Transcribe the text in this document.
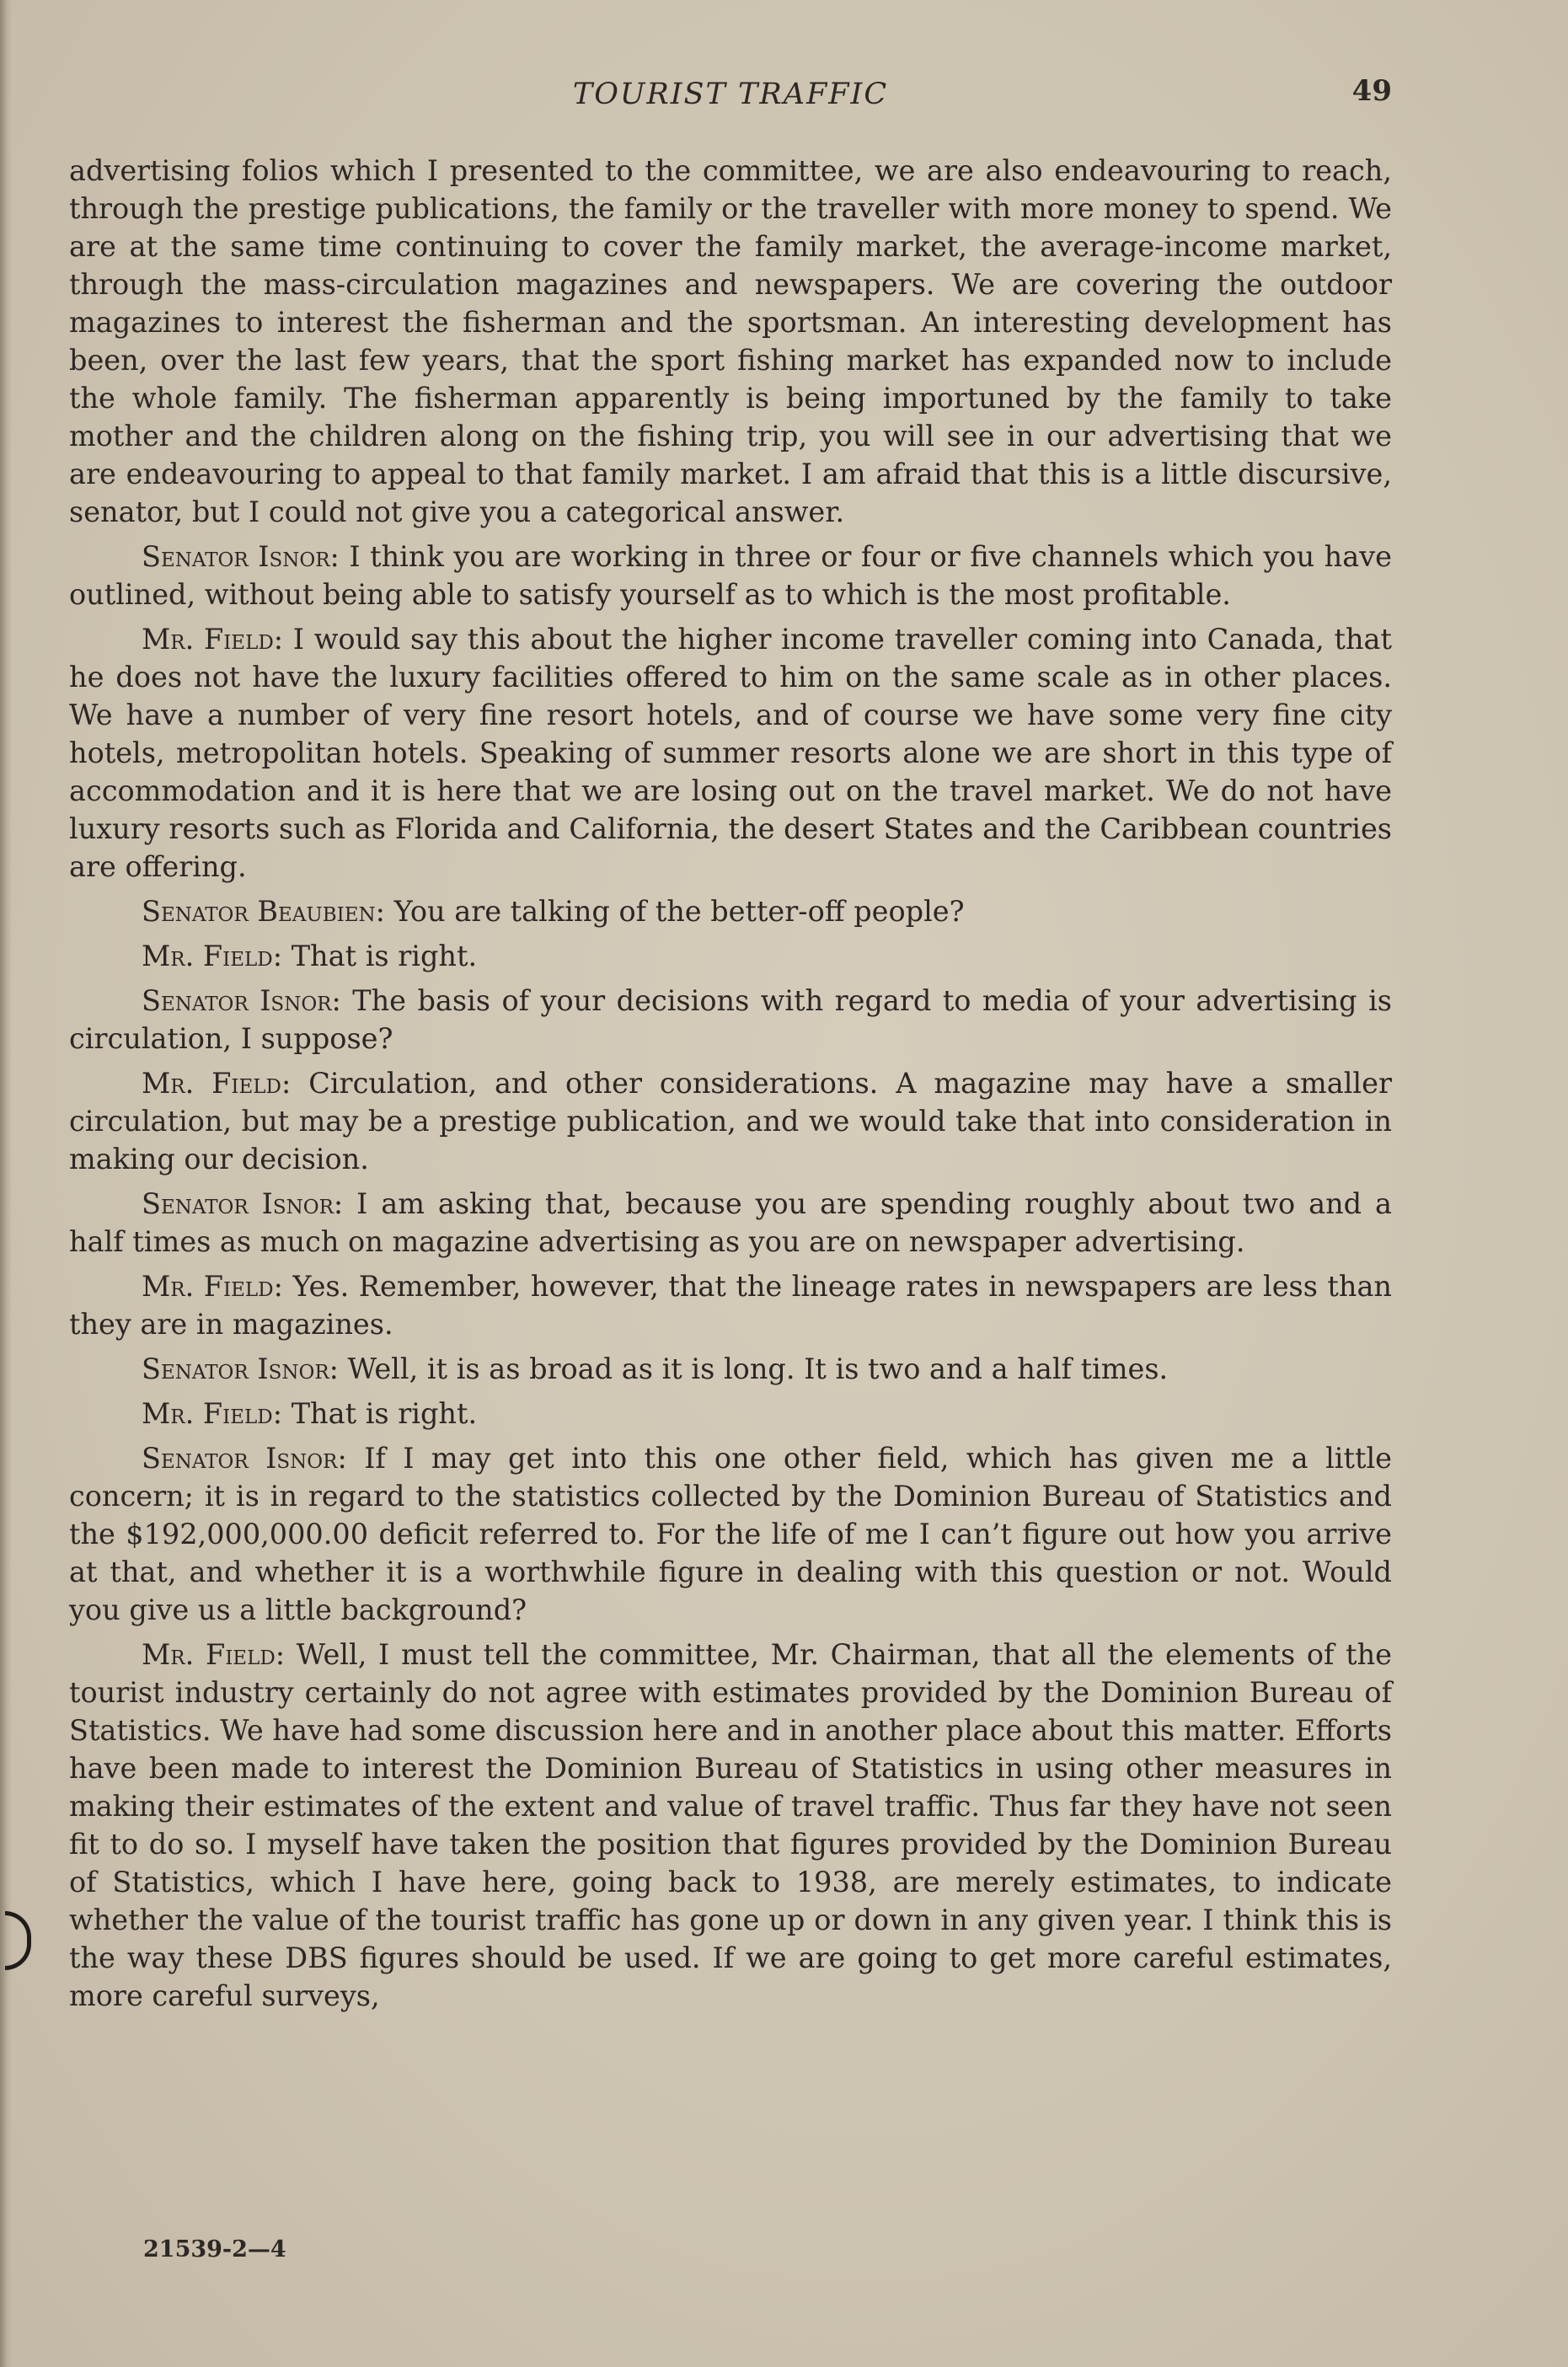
TOURIST TRAFFIC	49

advertising folios which I presented to the committee, we are also endeavouring to reach, through the prestige publications, the family or the traveller with more money to spend. We are at the same time continuing to cover the family market, the average-income market, through the mass-circulation magazines and newspapers. We are covering the outdoor magazines to interest the fisherman and the sportsman. An interesting development has been, over the last few years, that the sport fishing market has expanded now to include the whole family. The fisherman apparently is being importuned by the family to take mother and the children along on the fishing trip, you will see in our advertising that we are endeavouring to appeal to that family market. I am afraid that this is a little discursive, senator, but I could not give you a categorical answer.

Senator Isnor: I think you are working in three or four or five channels which you have outlined, without being able to satisfy yourself as to which is the most profitable.

Mr. Field: I would say this about the higher income traveller coming into Canada, that he does not have the luxury facilities offered to him on the same scale as in other places. We have a number of very fine resort hotels, and of course we have some very fine city hotels, metropolitan hotels. Speaking of summer resorts alone we are short in this type of accommodation and it is here that we are losing out on the travel market. We do not have luxury resorts such as Florida and California, the desert States and the Caribbean countries are offering.

Senator Beaubien: You are talking of the better-off people?

Mr. Field: That is right.

Senator Isnor: The basis of your decisions with regard to media of your advertising is circulation, I suppose?

Mr. Field: Circulation, and other considerations. A magazine may have a smaller circulation, but may be a prestige publication, and we would take that into consideration in making our decision.

Senator Isnor: I am asking that, because you are spending roughly about two and a half times as much on magazine advertising as you are on newspaper advertising.

Mr. Field: Yes. Remember, however, that the lineage rates in newspapers are less than they are in magazines.

Senator Isnor: Well, it is as broad as it is long. It is two and a half times.

Mr. Field: That is right.

Senator Isnor: If I may get into this one other field, which has given me a little concern; it is in regard to the statistics collected by the Dominion Bureau of Statistics and the $192,000,000.00 deficit referred to. For the life of me I can’t figure out how you arrive at that, and whether it is a worthwhile figure in dealing with this question or not. Would you give us a little background?

Mr. Field: Well, I must tell the committee, Mr. Chairman, that all the elements of the tourist industry certainly do not agree with estimates provided by the Dominion Bureau of Statistics. We have had some discussion here and in another place about this matter. Efforts have been made to interest the Dominion Bureau of Statistics in using other measures in making their estimates of the extent and value of travel traffic. Thus far they have not seen fit to do so. I myself have taken the position that figures provided by the Dominion Bureau of Statistics, which I have here, going back to 1938, are merely estimates, to indicate whether the value of the tourist traffic has gone up or down in any given year. I think this is the way these DBS figures should be used. If we are going to get more careful estimates, more careful surveys,

21539-2—4
